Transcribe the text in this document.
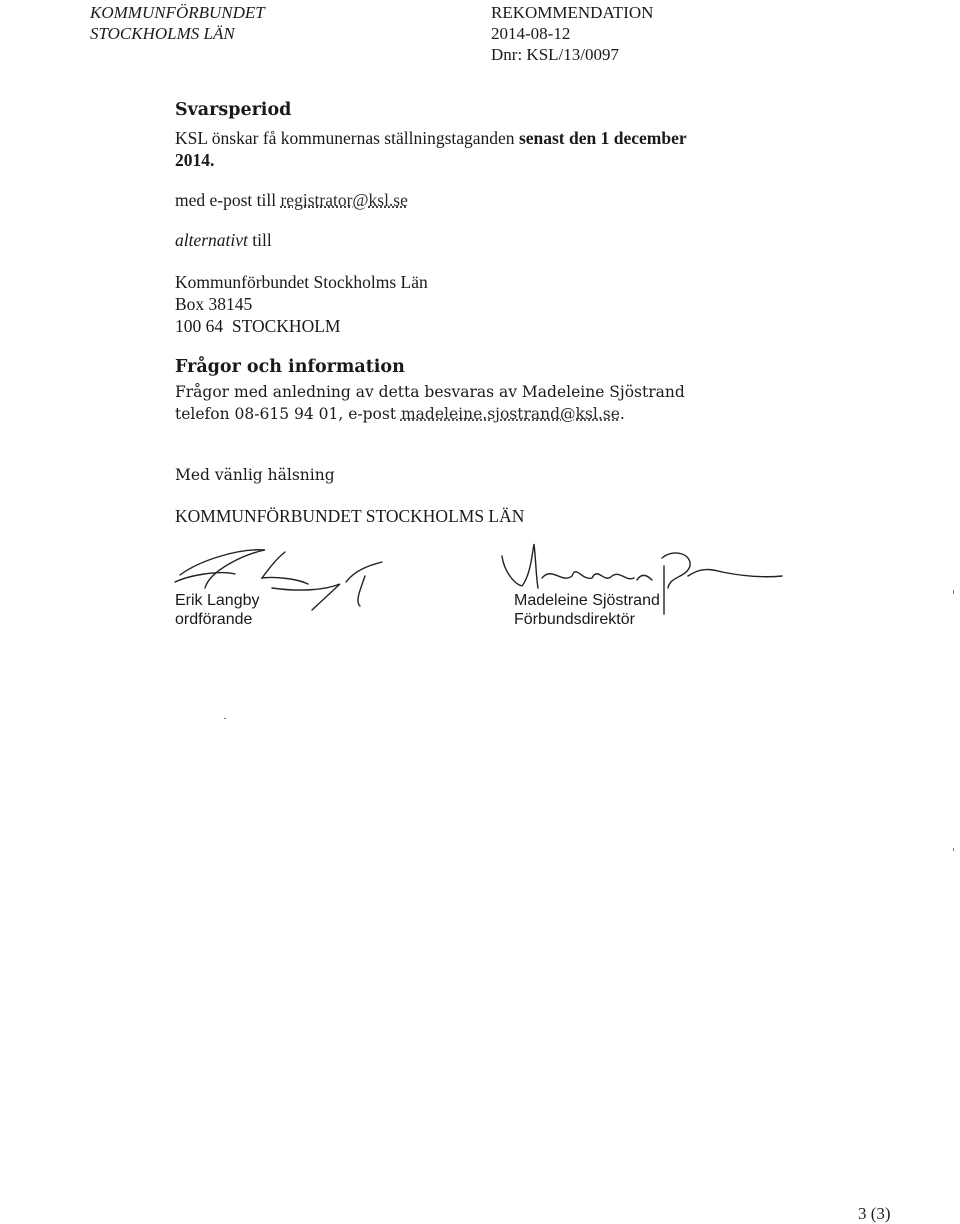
KOMMUNFÖRBUNDET
STOCKHOLMS LÄN
REKOMMENDATION
2014-08-12
Dnr: KSL/13/0097
Svarsperiod
KSL önskar få kommunernas ställningstaganden senast den 1 december
2014.
med e-post till registrator@ksl.se
alternativt till
Kommunförbundet Stockholms Län
Box 38145
100 64  STOCKHOLM
Frågor och information
Frågor med anledning av detta besvaras av Madeleine Sjöstrand
telefon 08-615 94 01, e-post madeleine.sjostrand@ksl.se.
Med vänlig hälsning
KOMMUNFÖRBUNDET STOCKHOLMS LÄN
Erik Langby
ordförande
Madeleine Sjöstrand
Förbundsdirektör
3 (3)
